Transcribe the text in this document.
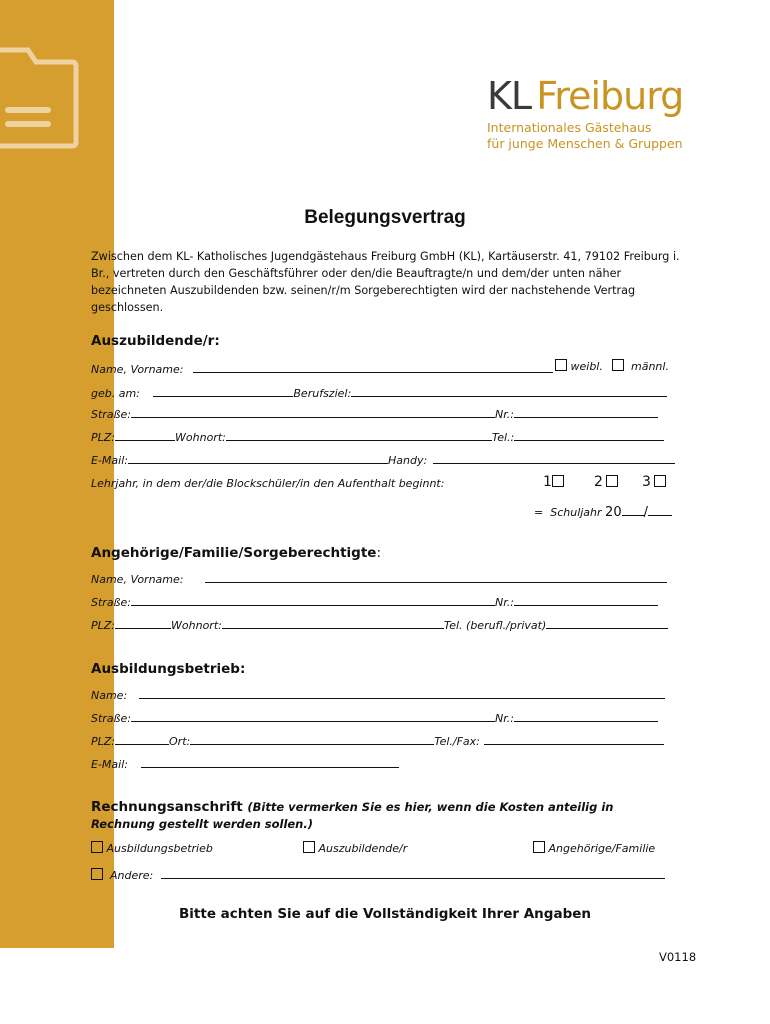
KL Freiburg
Internationales Gästehaus
für junge Menschen & Gruppen
Belegungsvertrag
Zwischen dem KL- Katholisches Jugendgästehaus Freiburg GmbH (KL), Kartäuserstr. 41, 79102 Freiburg i. Br., vertreten durch den Geschäftsführer oder den/die Beauftragte/n und dem/der unten näher bezeichneten Auszubildenden bzw. seinen/r/m Sorgeberechtigten wird der nachstehende Vertrag geschlossen.
Auszubildende/r:
Name, Vorname:	weibl.	männl.
geb. am:	Berufsziel:
Straße:	Nr.:
PLZ:	Wohnort:	Tel.:
E-Mail:	Handy:
Lehrjahr, in dem der/die Blockschüler/in den Aufenthalt beginnt:	1	2	3
= Schuljahr 20 /
Angehörige/Familie/Sorgeberechtigte:
Name, Vorname:
Straße:	Nr.:
PLZ:	Wohnort:	Tel. (berufl./privat)
Ausbildungsbetrieb:
Name:
Straße:	Nr.:
PLZ:	Ort:	Tel./Fax:
E-Mail:
Rechnungsanschrift (Bitte vermerken Sie es hier, wenn die Kosten anteilig in Rechnung gestellt werden sollen.)
Ausbildungsbetrieb	Auszubildende/r	Angehörige/Familie
Andere:
Bitte achten Sie auf die Vollständigkeit Ihrer Angaben
V0118
